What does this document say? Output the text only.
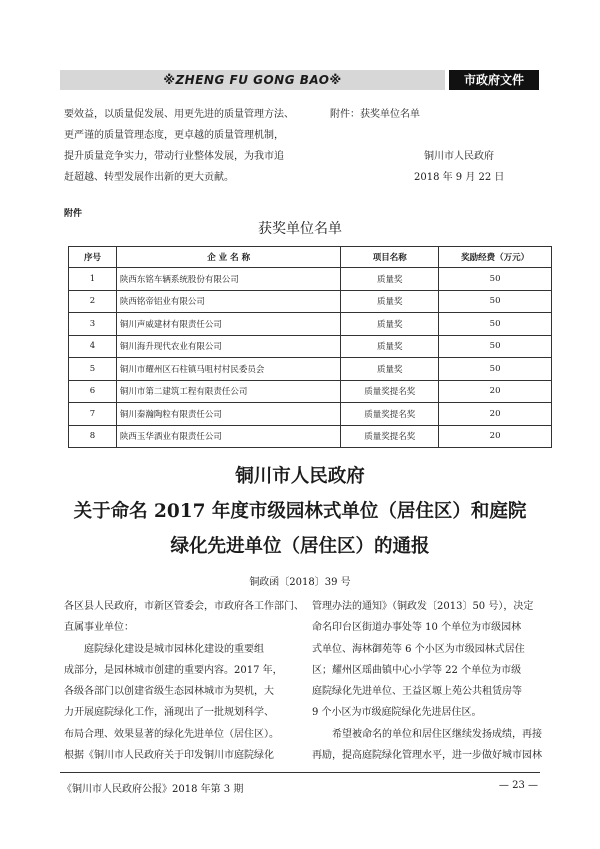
※ZHENG FU GONG BAO※	市政府文件
要效益，以质量促发展、用更先进的质量管理方法、
更严谨的质量管理态度，更卓越的质量管理机制，
提升质量竞争实力，带动行业整体发展，为我市追
赶超越、转型发展作出新的更大贡献。
附件：获奖单位名单
铜川市人民政府
2018 年 9 月 22 日
附件
获奖单位名单
序号	企 业 名 称	项目名称	奖励经费（万元）
1	陕西东铭车辆系统股份有限公司	质量奖	50
2	陕西铭帝铝业有限公司	质量奖	50
3	铜川声威建材有限责任公司	质量奖	50
4	铜川海升现代农业有限公司	质量奖	50
5	铜川市耀州区石柱镇马咀村村民委员会	质量奖	50
6	铜川市第二建筑工程有限责任公司	质量奖提名奖	20
7	铜川秦瀚陶粒有限责任公司	质量奖提名奖	20
8	陕西玉华酒业有限责任公司	质量奖提名奖	20
铜川市人民政府
关于命名 2017 年度市级园林式单位（居住区）和庭院
绿化先进单位（居住区）的通报
铜政函〔2018〕39 号
各区县人民政府，市新区管委会，市政府各工作部门、
直属事业单位：
　　庭院绿化建设是城市园林化建设的重要组
成部分，是园林城市创建的重要内容。2017 年，
各级各部门以创建省级生态园林城市为契机，大
力开展庭院绿化工作，涌现出了一批规划科学、
布局合理、效果显著的绿化先进单位（居住区）。
根据《铜川市人民政府关于印发铜川市庭院绿化
管理办法的通知》（铜政发〔2013〕50 号），决定
命名印台区街道办事处等 10 个单位为市级园林
式单位、海林御苑等 6 个小区为市级园林式居住
区；耀州区瑶曲镇中心小学等 22 个单位为市级
庭院绿化先进单位、王益区塬上苑公共租赁房等
9 个小区为市级庭院绿化先进居住区。
　　希望被命名的单位和居住区继续发扬成绩，再接
再励，提高庭院绿化管理水平，进一步做好城市园林
《铜川市人民政府公报》2018 年第 3 期	— 23 —
